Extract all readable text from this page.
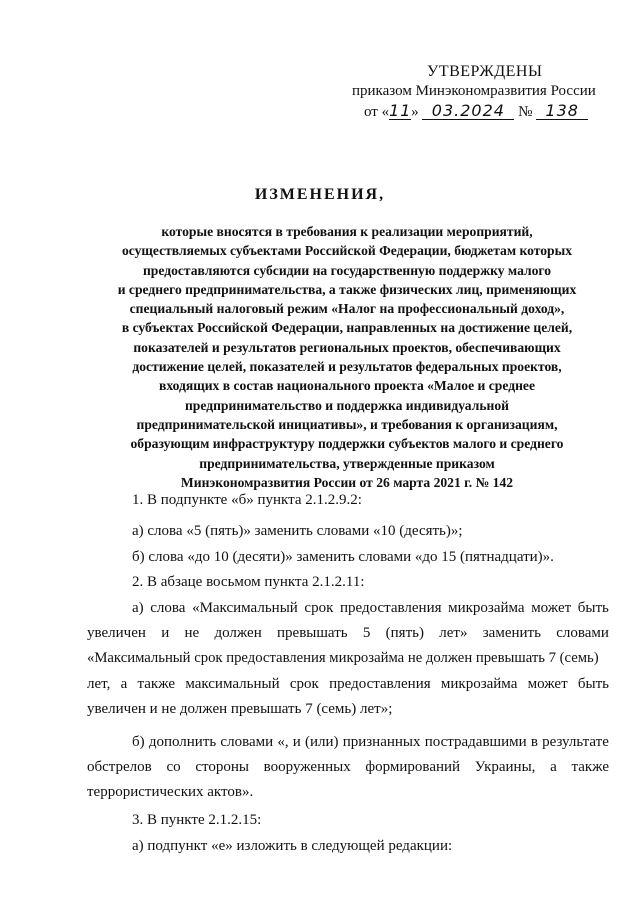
УТВЕРЖДЕНЫ
приказом Минэкономразвития России
от «11» 03.2024 № 138
ИЗМЕНЕНИЯ,
которые вносятся в требования к реализации мероприятий,
осуществляемых субъектами Российской Федерации, бюджетам которых
предоставляются субсидии на государственную поддержку малого
и среднего предпринимательства, а также физических лиц, применяющих
специальный налоговый режим «Налог на профессиональный доход»,
в субъектах Российской Федерации, направленных на достижение целей,
показателей и результатов региональных проектов, обеспечивающих
достижение целей, показателей и результатов федеральных проектов,
входящих в состав национального проекта «Малое и среднее
предпринимательство и поддержка индивидуальной
предпринимательской инициативы», и требования к организациям,
образующим инфраструктуру поддержки субъектов малого и среднего
предпринимательства, утвержденные приказом
Минэкономразвития России от 26 марта 2021 г. № 142
1. В подпункте «б» пункта 2.1.2.9.2:
а) слова «5 (пять)» заменить словами «10 (десять)»;
б) слова «до 10 (десяти)» заменить словами «до 15 (пятнадцати)».
2. В абзаце восьмом пункта 2.1.2.11:
а) слова «Максимальный срок предоставления микрозайма может быть
увеличен и не должен превышать 5 (пять) лет» заменить словами
«Максимальный срок предоставления микрозайма не должен превышать 7 (семь)
лет, а также максимальный срок предоставления микрозайма может быть
увеличен и не должен превышать 7 (семь) лет»;
б) дополнить словами «, и (или) признанных пострадавшими в результате
обстрелов со стороны вооруженных формирований Украины, а также
террористических актов».
3. В пункте 2.1.2.15:
а) подпункт «е» изложить в следующей редакции:
